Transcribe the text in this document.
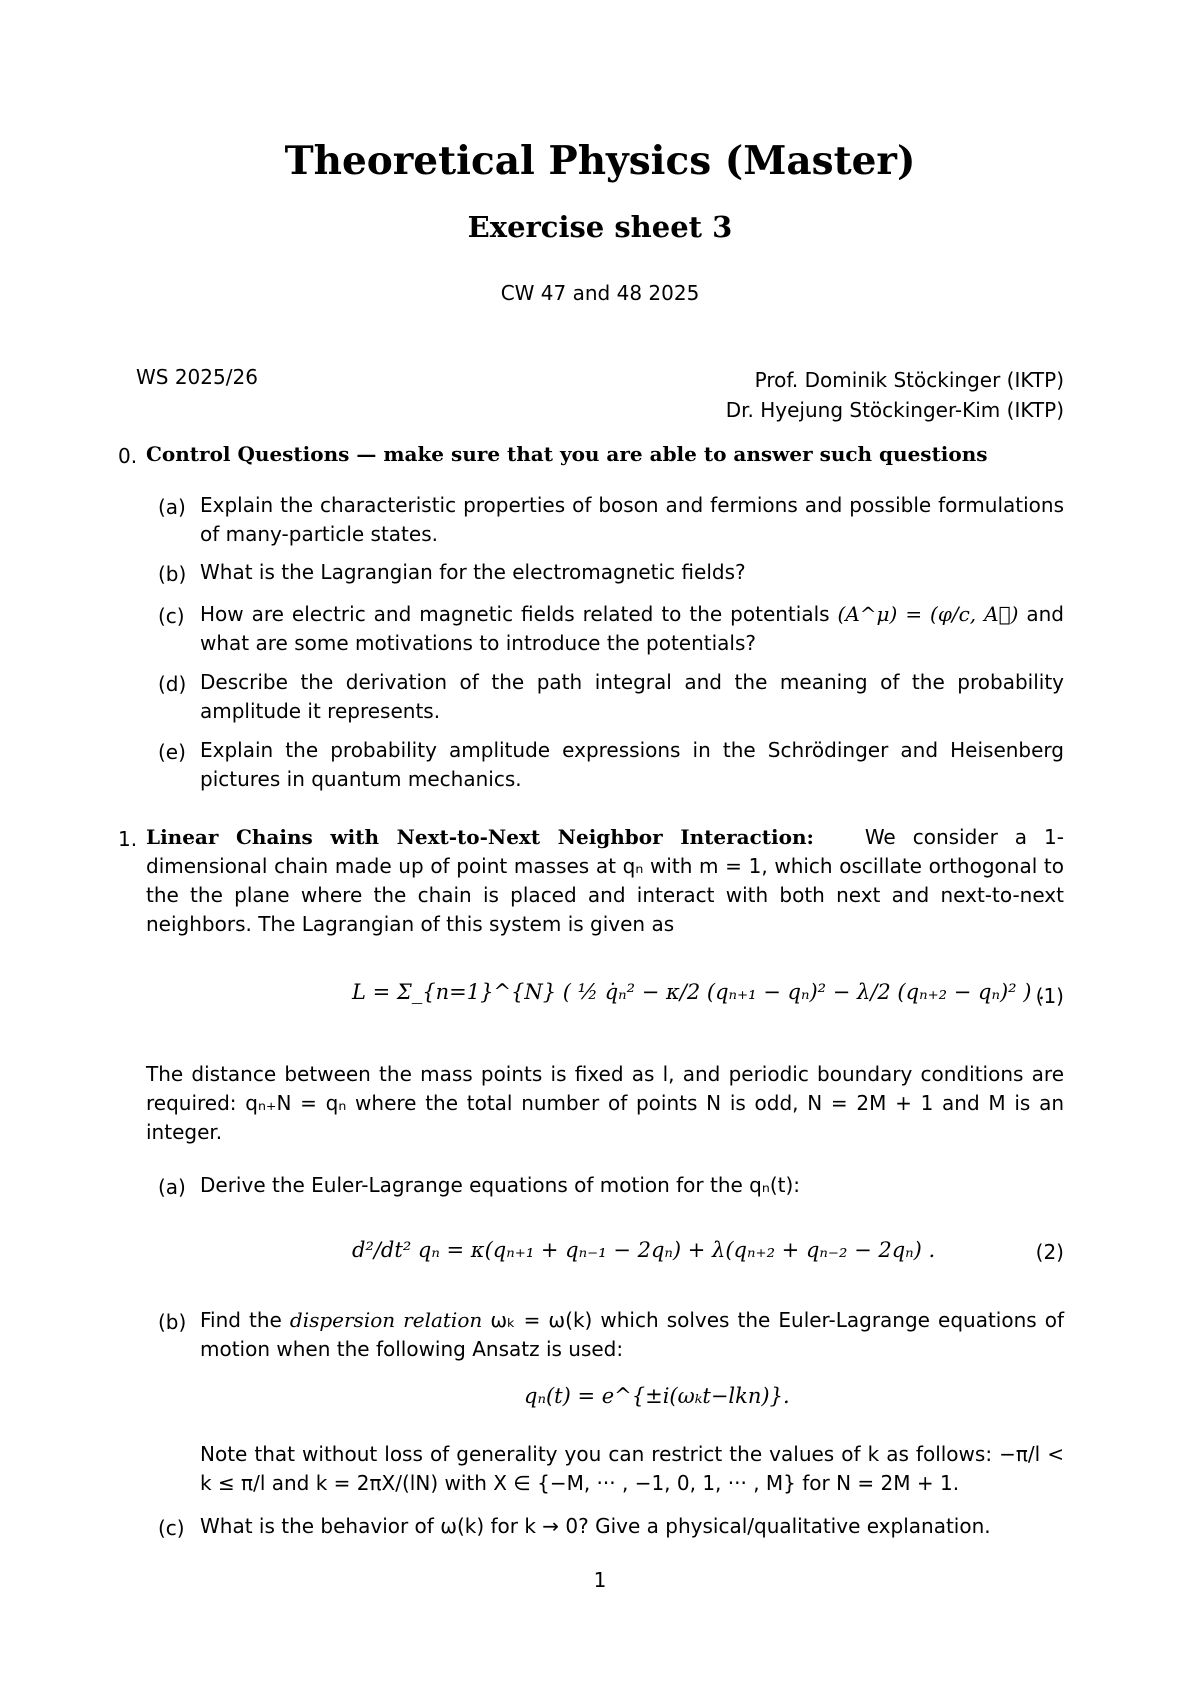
Theoretical Physics (Master)
Exercise sheet 3
CW 47 and 48 2025
WS 2025/26	Prof. Dominik Stöckinger (IKTP)
Dr. Hyejung Stöckinger-Kim (IKTP)
0. Control Questions — make sure that you are able to answer such questions
(a) Explain the characteristic properties of boson and fermions and possible formulations of many-particle states.
(b) What is the Lagrangian for the electromagnetic fields?
(c) How are electric and magnetic fields related to the potentials (A^μ) = (φ/c, A⃗) and what are some motivations to introduce the potentials?
(d) Describe the derivation of the path integral and the meaning of the probability amplitude it represents.
(e) Explain the probability amplitude expressions in the Schrödinger and Heisenberg pictures in quantum mechanics.
1. Linear Chains with Next-to-Next Neighbor Interaction:	We consider a 1-dimensional chain made up of point masses at qₙ with m = 1, which oscillate orthogonal to the the plane where the chain is placed and interact with both next and next-to-next neighbors. The Lagrangian of this system is given as
L = Σ_{n=1}^{N} ( ½ q̇ₙ² − κ/2 (qₙ₊₁ − qₙ)² − λ/2 (qₙ₊₂ − qₙ)² ) .
(1)
The distance between the mass points is fixed as l, and periodic boundary conditions are required: qₙ₊N = qₙ where the total number of points N is odd, N = 2M + 1 and M is an integer.
(a) Derive the Euler-Lagrange equations of motion for the qₙ(t):
d²/dt² qₙ = κ(qₙ₊₁ + qₙ₋₁ − 2qₙ) + λ(qₙ₊₂ + qₙ₋₂ − 2qₙ) .	(2)
(b) Find the dispersion relation ωₖ = ω(k) which solves the Euler-Lagrange equations of motion when the following Ansatz is used:
qₙ(t) = e^{±i(ωₖt−lkn)}.
Note that without loss of generality you can restrict the values of k as follows: −π/l < k ≤ π/l and k = 2πX/(lN) with X ∈ {−M, ··· , −1, 0, 1, ··· , M} for N = 2M + 1.
(c) What is the behavior of ω(k) for k → 0? Give a physical/qualitative explanation.
1
